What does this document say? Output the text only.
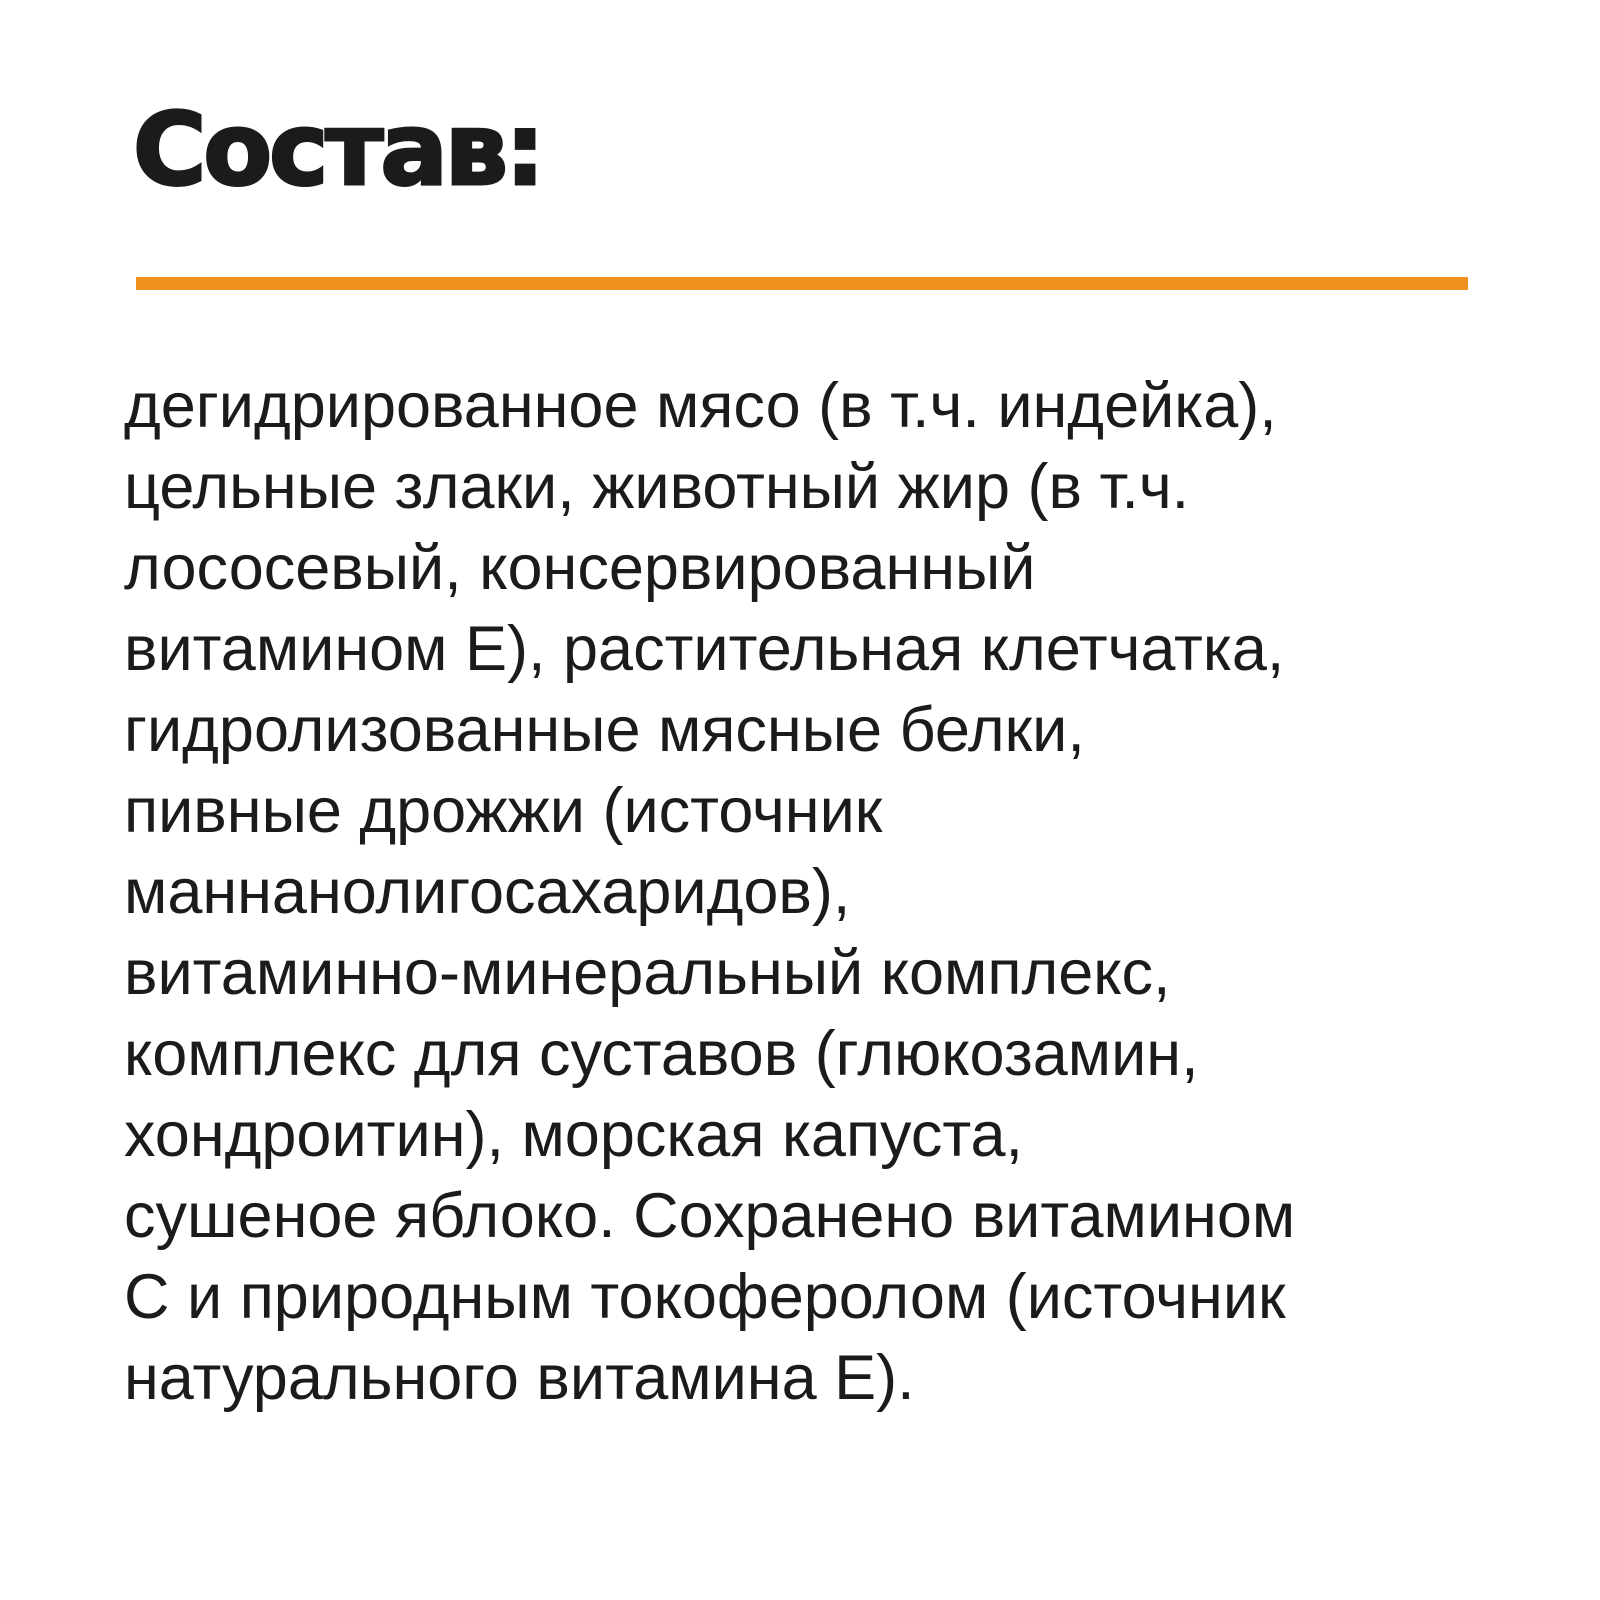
Состав:

дегидрированное мясо (в т.ч. индейка),
цельные злаки, животный жир (в т.ч.
лососевый, консервированный
витамином Е), растительная клетчатка,
гидролизованные мясные белки,
пивные дрожжи (источник
маннанолигосахаридов),
витаминно-минеральный комплекс,
комплекс для суставов (глюкозамин,
хондроитин), морская капуста,
сушеное яблоко. Сохранено витамином
С и природным токоферолом (источник
натурального витамина Е).
